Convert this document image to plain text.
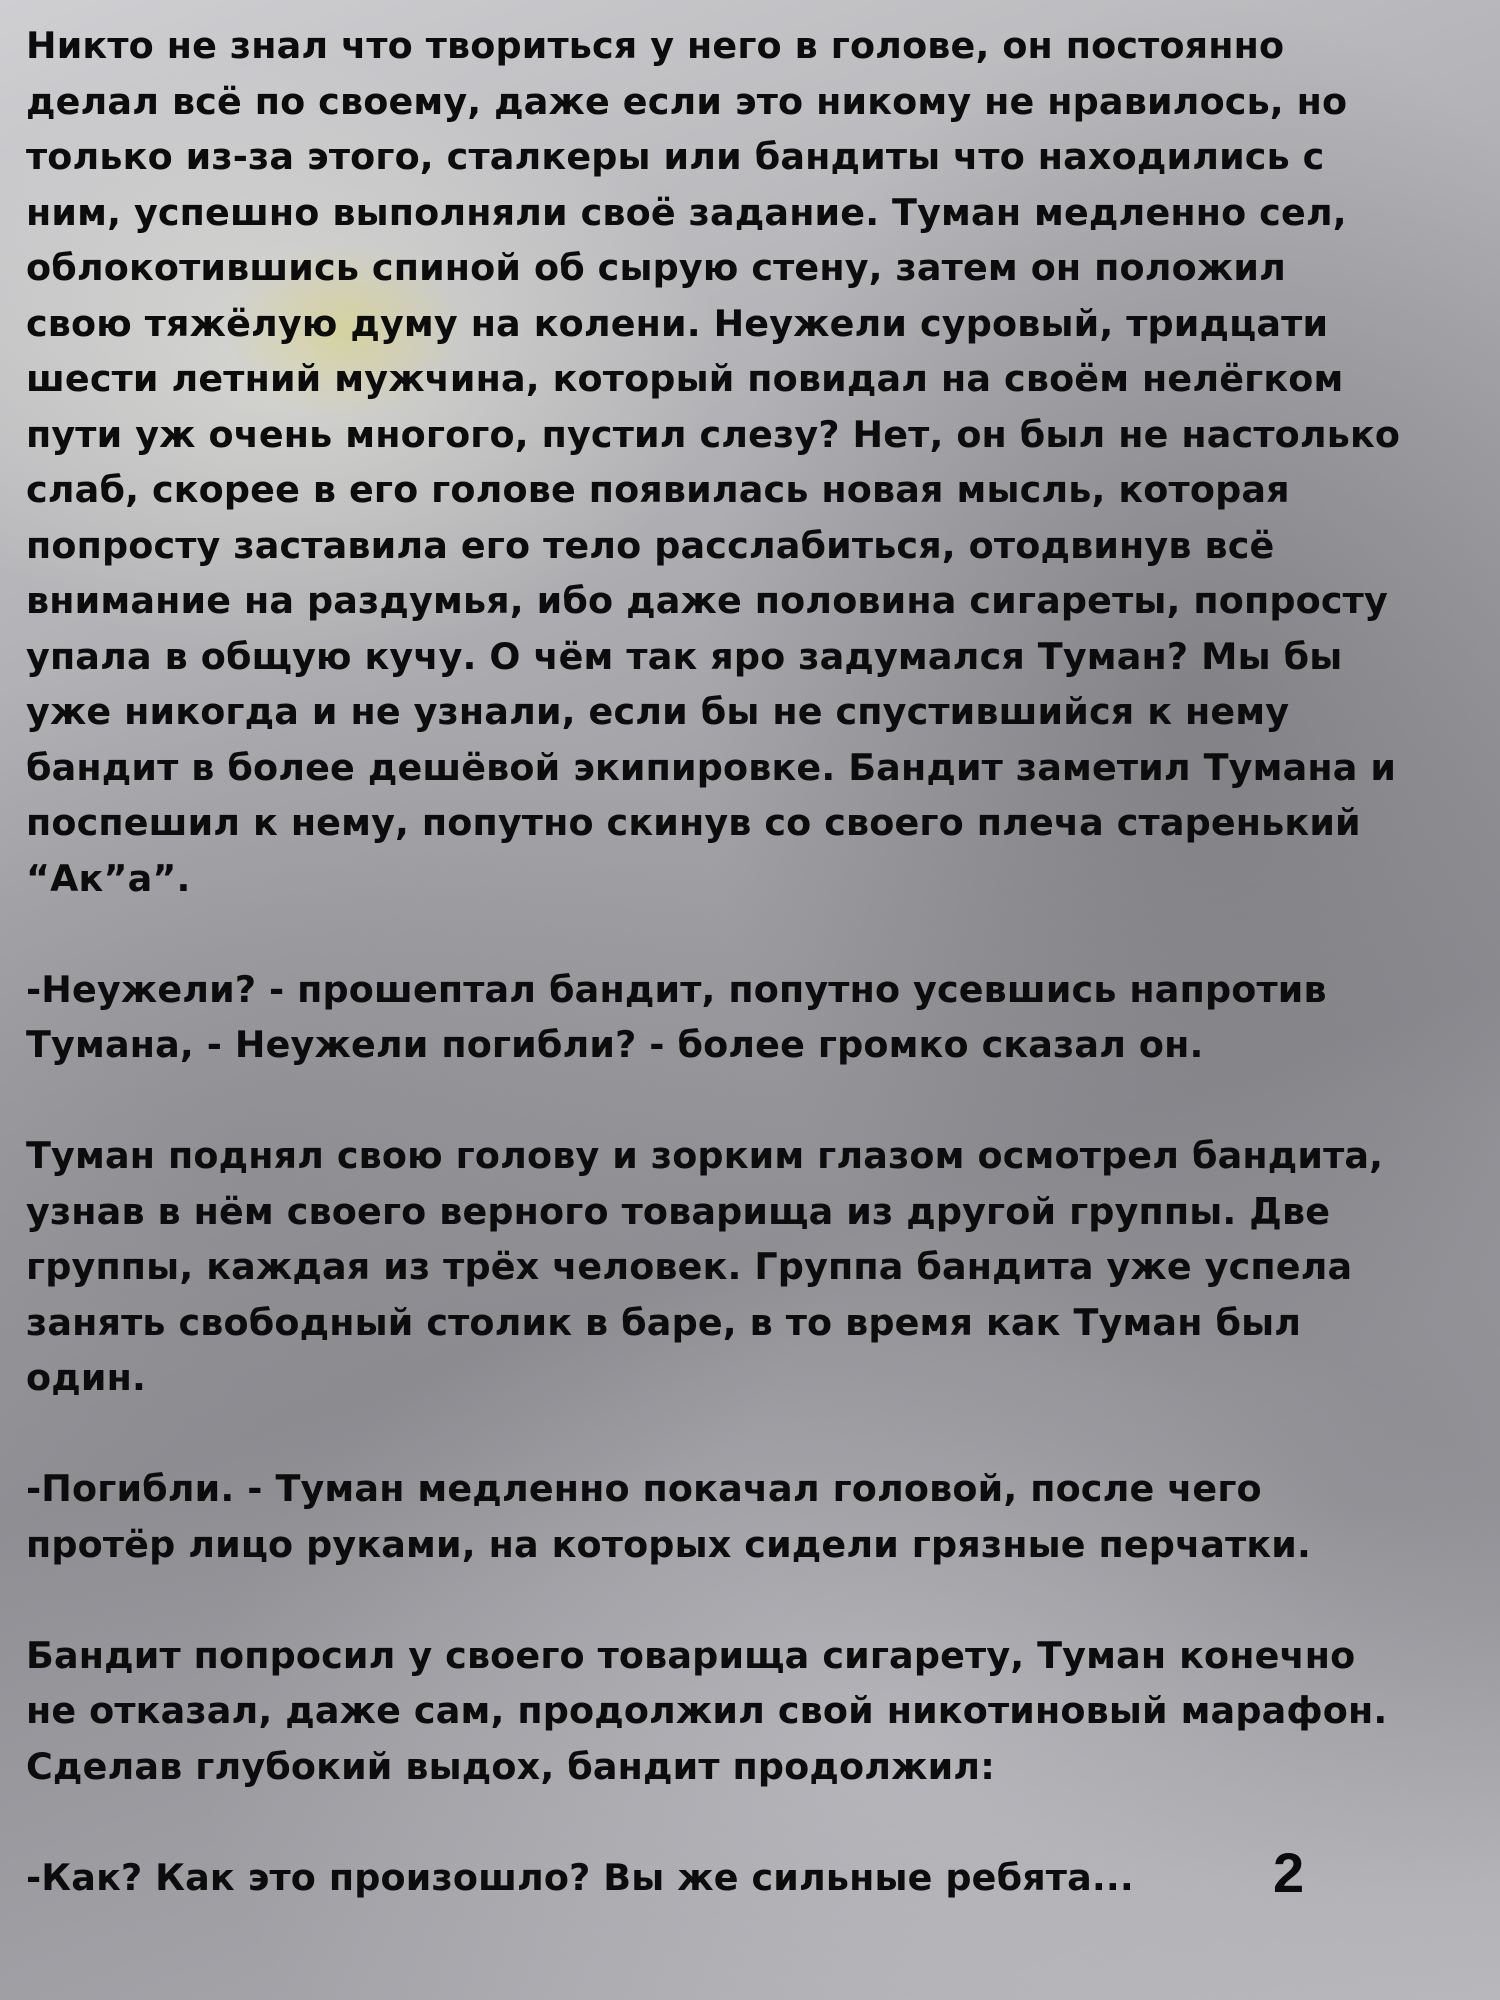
Никто не знал что твориться у него в голове, он постоянно
делал всё по своему, даже если это никому не нравилось, но
только из-за этого, сталкеры или бандиты что находились с
ним, успешно выполняли своё задание. Туман медленно сел,
облокотившись спиной об сырую стену, затем он положил
свою тяжёлую думу на колени. Неужели суровый, тридцати
шести летний мужчина, который повидал на своём нелёгком
пути уж очень многого, пустил слезу? Нет, он был не настолько
слаб, скорее в его голове появилась новая мысль, которая
попросту заставила его тело расслабиться, отодвинув всё
внимание на раздумья, ибо даже половина сигареты, попросту
упала в общую кучу. О чём так яро задумался Туман? Мы бы
уже никогда и не узнали, если бы не спустившийся к нему
бандит в более дешёвой экипировке. Бандит заметил Тумана и
поспешил к нему, попутно скинув со своего плеча старенький
“Ак”а”.
-Неужели? - прошептал бандит, попутно усевшись напротив
Тумана, - Неужели погибли? - более громко сказал он.
Туман поднял свою голову и зорким глазом осмотрел бандита,
узнав в нём своего верного товарища из другой группы. Две
группы, каждая из трёх человек. Группа бандита уже успела
занять свободный столик в баре, в то время как Туман был
один.
-Погибли. - Туман медленно покачал головой, после чего
протёр лицо руками, на которых сидели грязные перчатки.
Бандит попросил у своего товарища сигарету, Туман конечно
не отказал, даже сам, продолжил свой никотиновый марафон.
Сделав глубокий выдох, бандит продолжил:
-Как? Как это произошло? Вы же сильные ребята...	2
